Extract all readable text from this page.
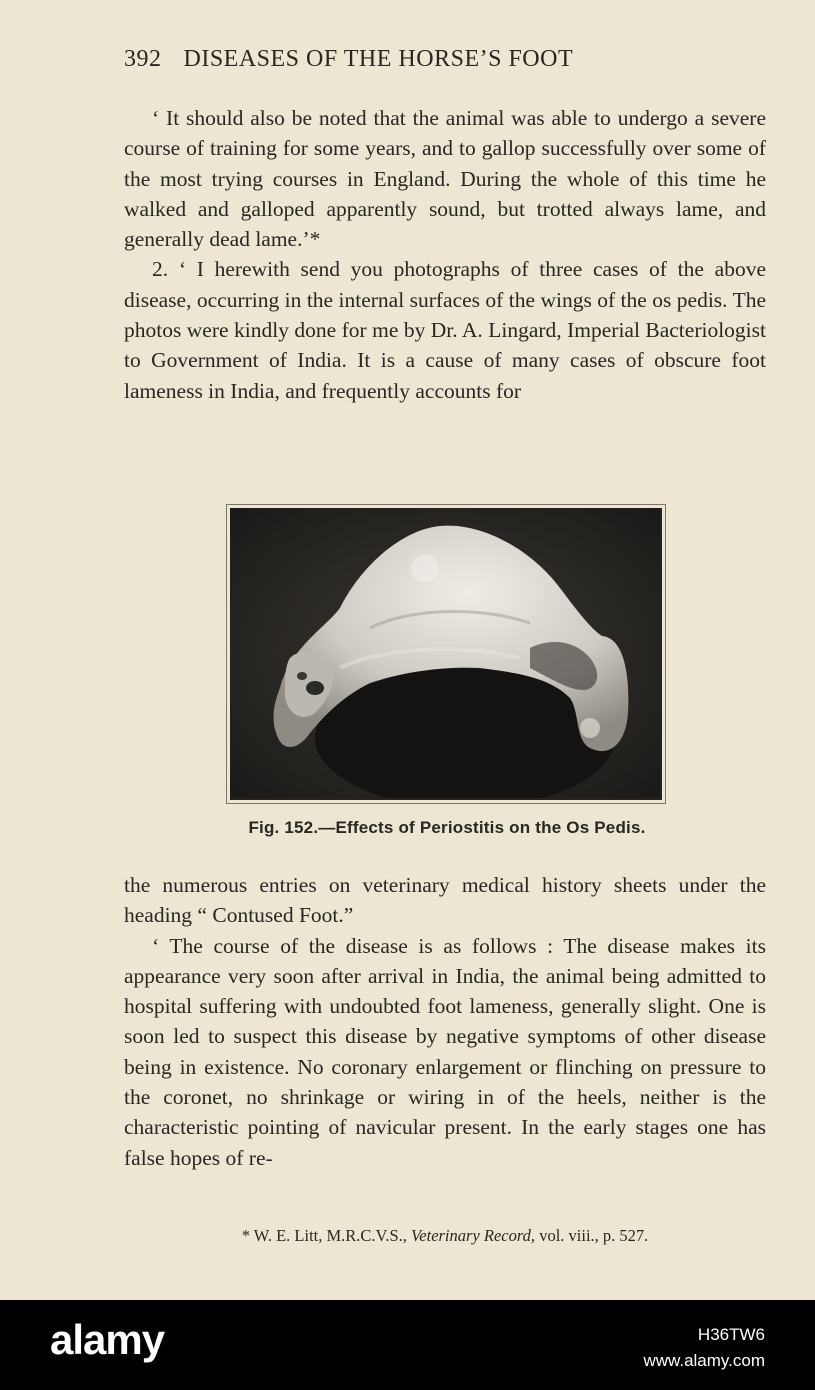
392 DISEASES OF THE HORSE’S FOOT

‘ It should also be noted that the animal was able to undergo a severe course of training for some years, and to gallop successfully over some of the most trying courses in England. During the whole of this time he walked and galloped apparently sound, but trotted always lame, and generally dead lame.’*

2. ‘ I herewith send you photographs of three cases of the above disease, occurring in the internal surfaces of the wings of the os pedis. The photos were kindly done for me by Dr. A. Lingard, Imperial Bacteriologist to Government of India. It is a cause of many cases of obscure foot lameness in India, and frequently accounts for

Fig. 152.—Effects of Periostitis on the Os Pedis.

the numerous entries on veterinary medical history sheets under the heading “ Contused Foot.”

‘ The course of the disease is as follows : The disease makes its appearance very soon after arrival in India, the animal being admitted to hospital suffering with undoubted foot lameness, generally slight. One is soon led to suspect this disease by negative symptoms of other disease being in existence. No coronary enlargement or flinching on pressure to the coronet, no shrinkage or wiring in of the heels, neither is the characteristic pointing of navicular present. In the early stages one has false hopes of re-

* W. E. Litt, M.R.C.V.S., Veterinary Record, vol. viii., p. 527.
alamy	H36TW6
www.alamy.com
